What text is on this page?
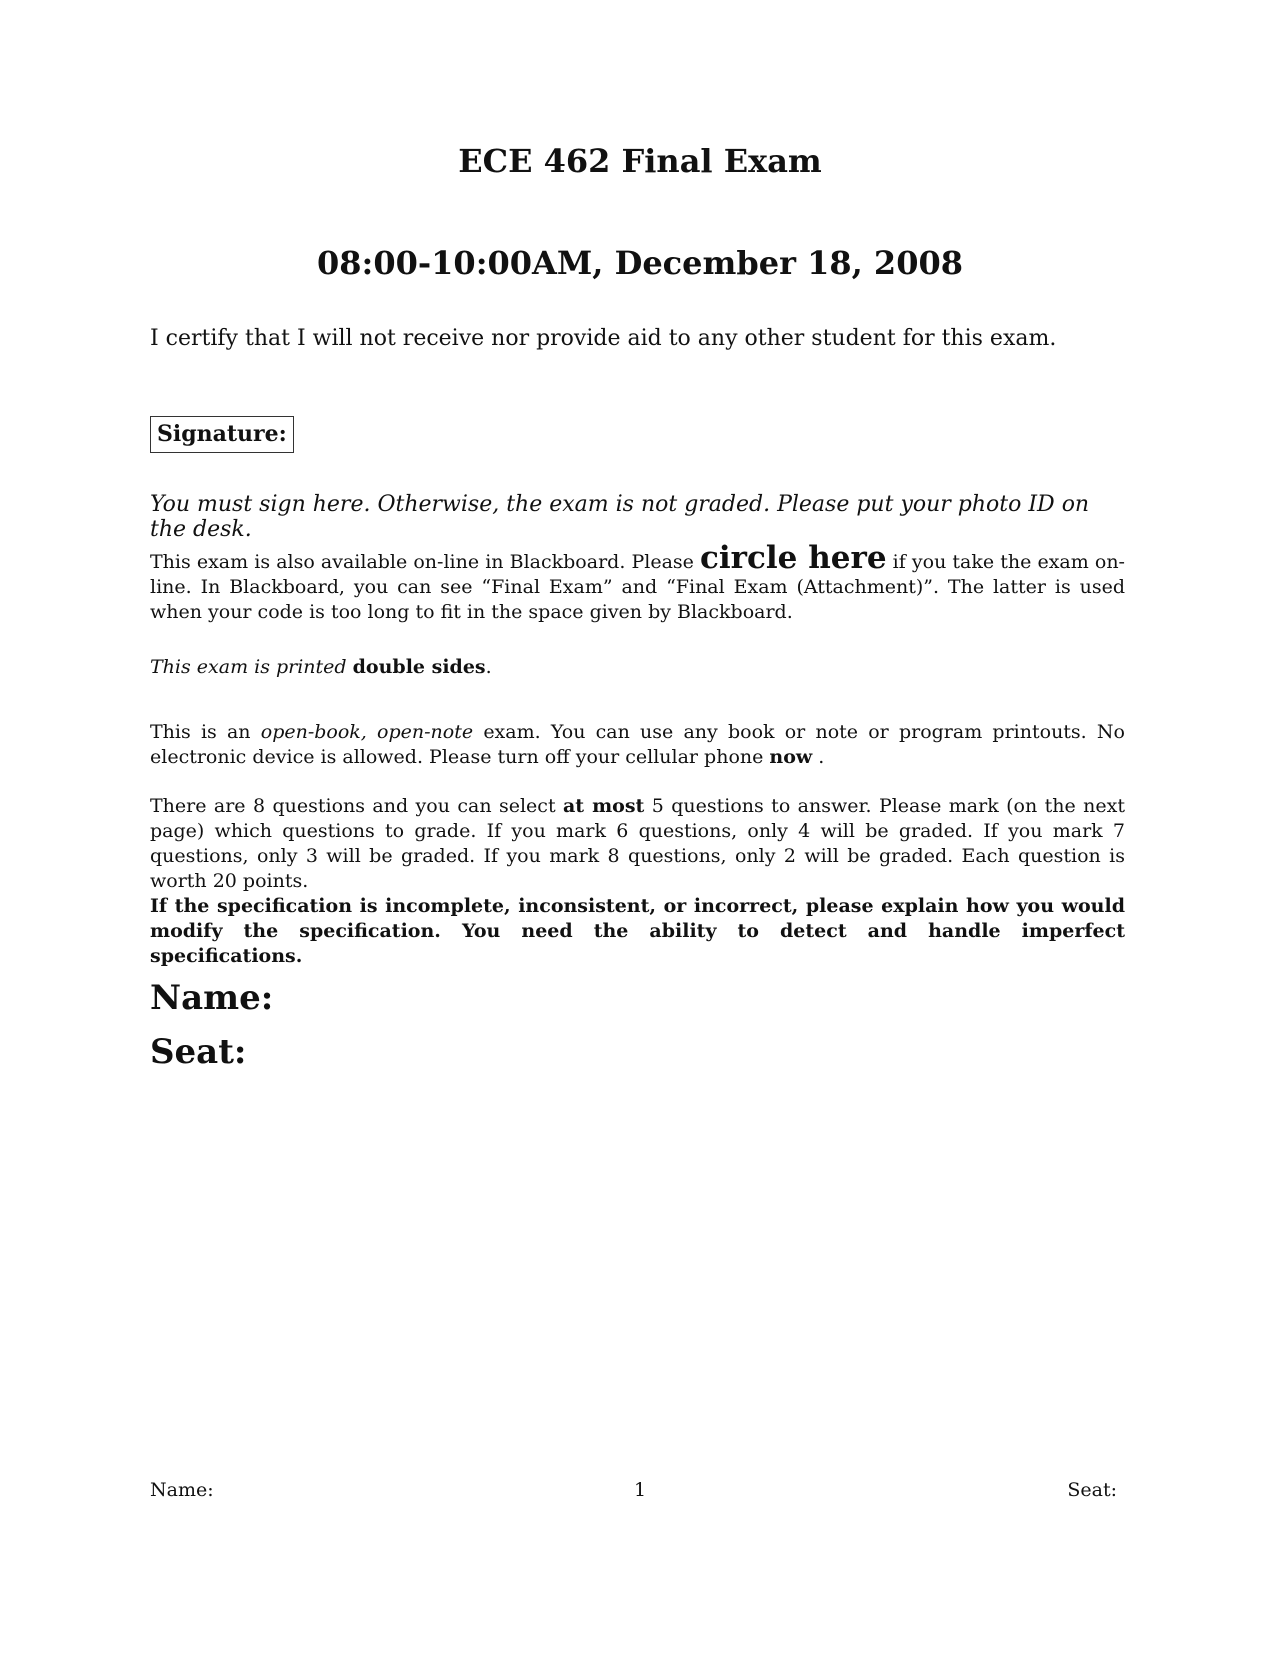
ECE 462 Final Exam
08:00-10:00AM, December 18, 2008

I certify that I will not receive nor provide aid to any other student for this exam.

Signature:

You must sign here. Otherwise, the exam is not graded. Please put your photo ID on the desk.

This exam is also available on-line in Blackboard. Please circle here if you take the exam on-line. In Blackboard, you can see “Final Exam” and “Final Exam (Attachment)”. The latter is used when your code is too long to fit in the space given by Blackboard.

This exam is printed double sides.

This is an open-book, open-note exam. You can use any book or note or program printouts. No electronic device is allowed. Please turn off your cellular phone now .

There are 8 questions and you can select at most 5 questions to answer. Please mark (on the next page) which questions to grade. If you mark 6 questions, only 4 will be graded. If you mark 7 questions, only 3 will be graded. If you mark 8 questions, only 2 will be graded. Each question is worth 20 points.

If the specification is incomplete, inconsistent, or incorrect, please explain how you would modify the specification. You need the ability to detect and handle imperfect specifications.

Name:
Seat:
Name:	1	Seat:
